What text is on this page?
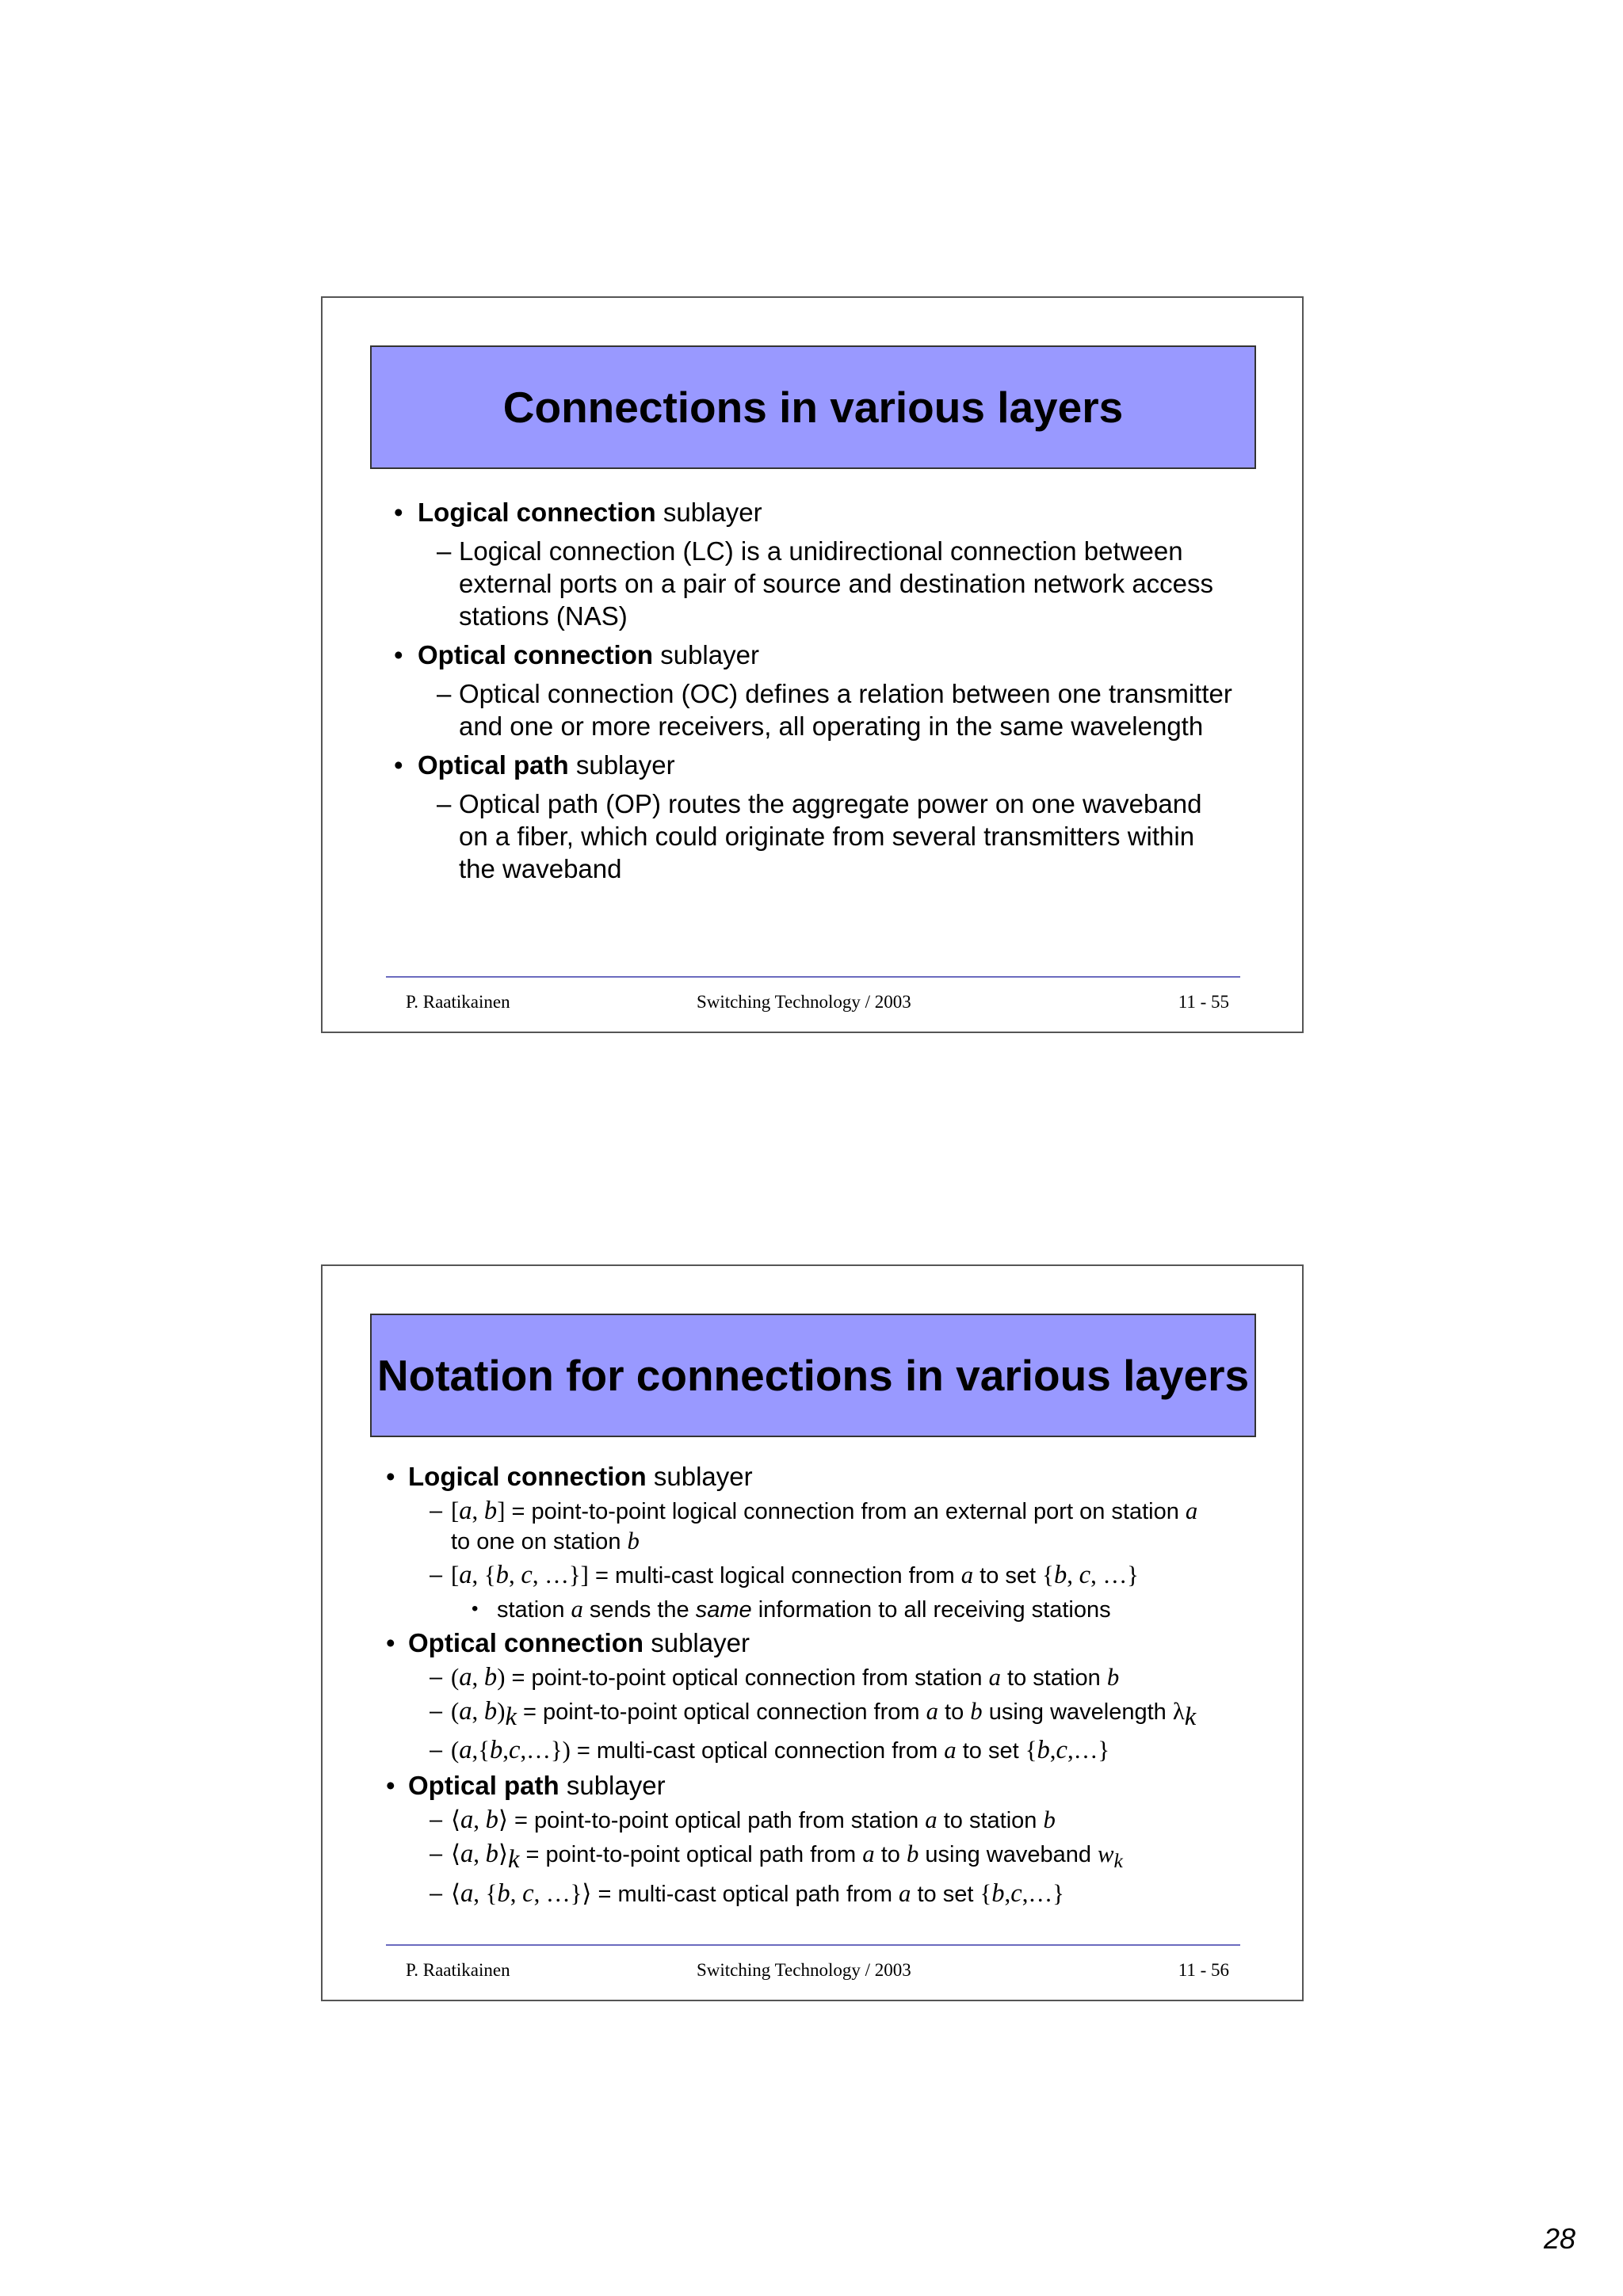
Connections in various layers
• Logical connection sublayer
– Logical connection (LC) is a unidirectional connection between external ports on a pair of source and destination network access stations (NAS)
• Optical connection sublayer
– Optical connection (OC) defines a relation between one transmitter and one or more receivers, all operating in the same wavelength
• Optical path sublayer
– Optical path (OP) routes the aggregate power on one waveband on a fiber, which could originate from several transmitters within the waveband
P. Raatikainen	Switching Technology / 2003	11 - 55
Notation for connections in various layers
• Logical connection sublayer
– [a, b] = point-to-point logical connection from an external port on station a
to one on station b
– [a, {b, c, …}] = multi-cast logical connection from a to set {b, c, …}
• station a sends the same information to all receiving stations
• Optical connection sublayer
– (a, b) = point-to-point optical connection from station a to station b
– (a, $b)_k$ = point-to-point optical connection from a to b using wavelength $\lambda_k$
– (a,{b,c,…}) = multi-cast optical connection from a to set {b,c,…}
• Optical path sublayer
– ⟨a, b⟩ = point-to-point optical path from station a to station b
– ⟨a, $b⟩_k$ = point-to-point optical path from a to b using waveband $w_k$
– ⟨a, {b, c, …}⟩ = multi-cast optical path from a to set {b,c,…}
P. Raatikainen	Switching Technology / 2003	11 - 56
28
